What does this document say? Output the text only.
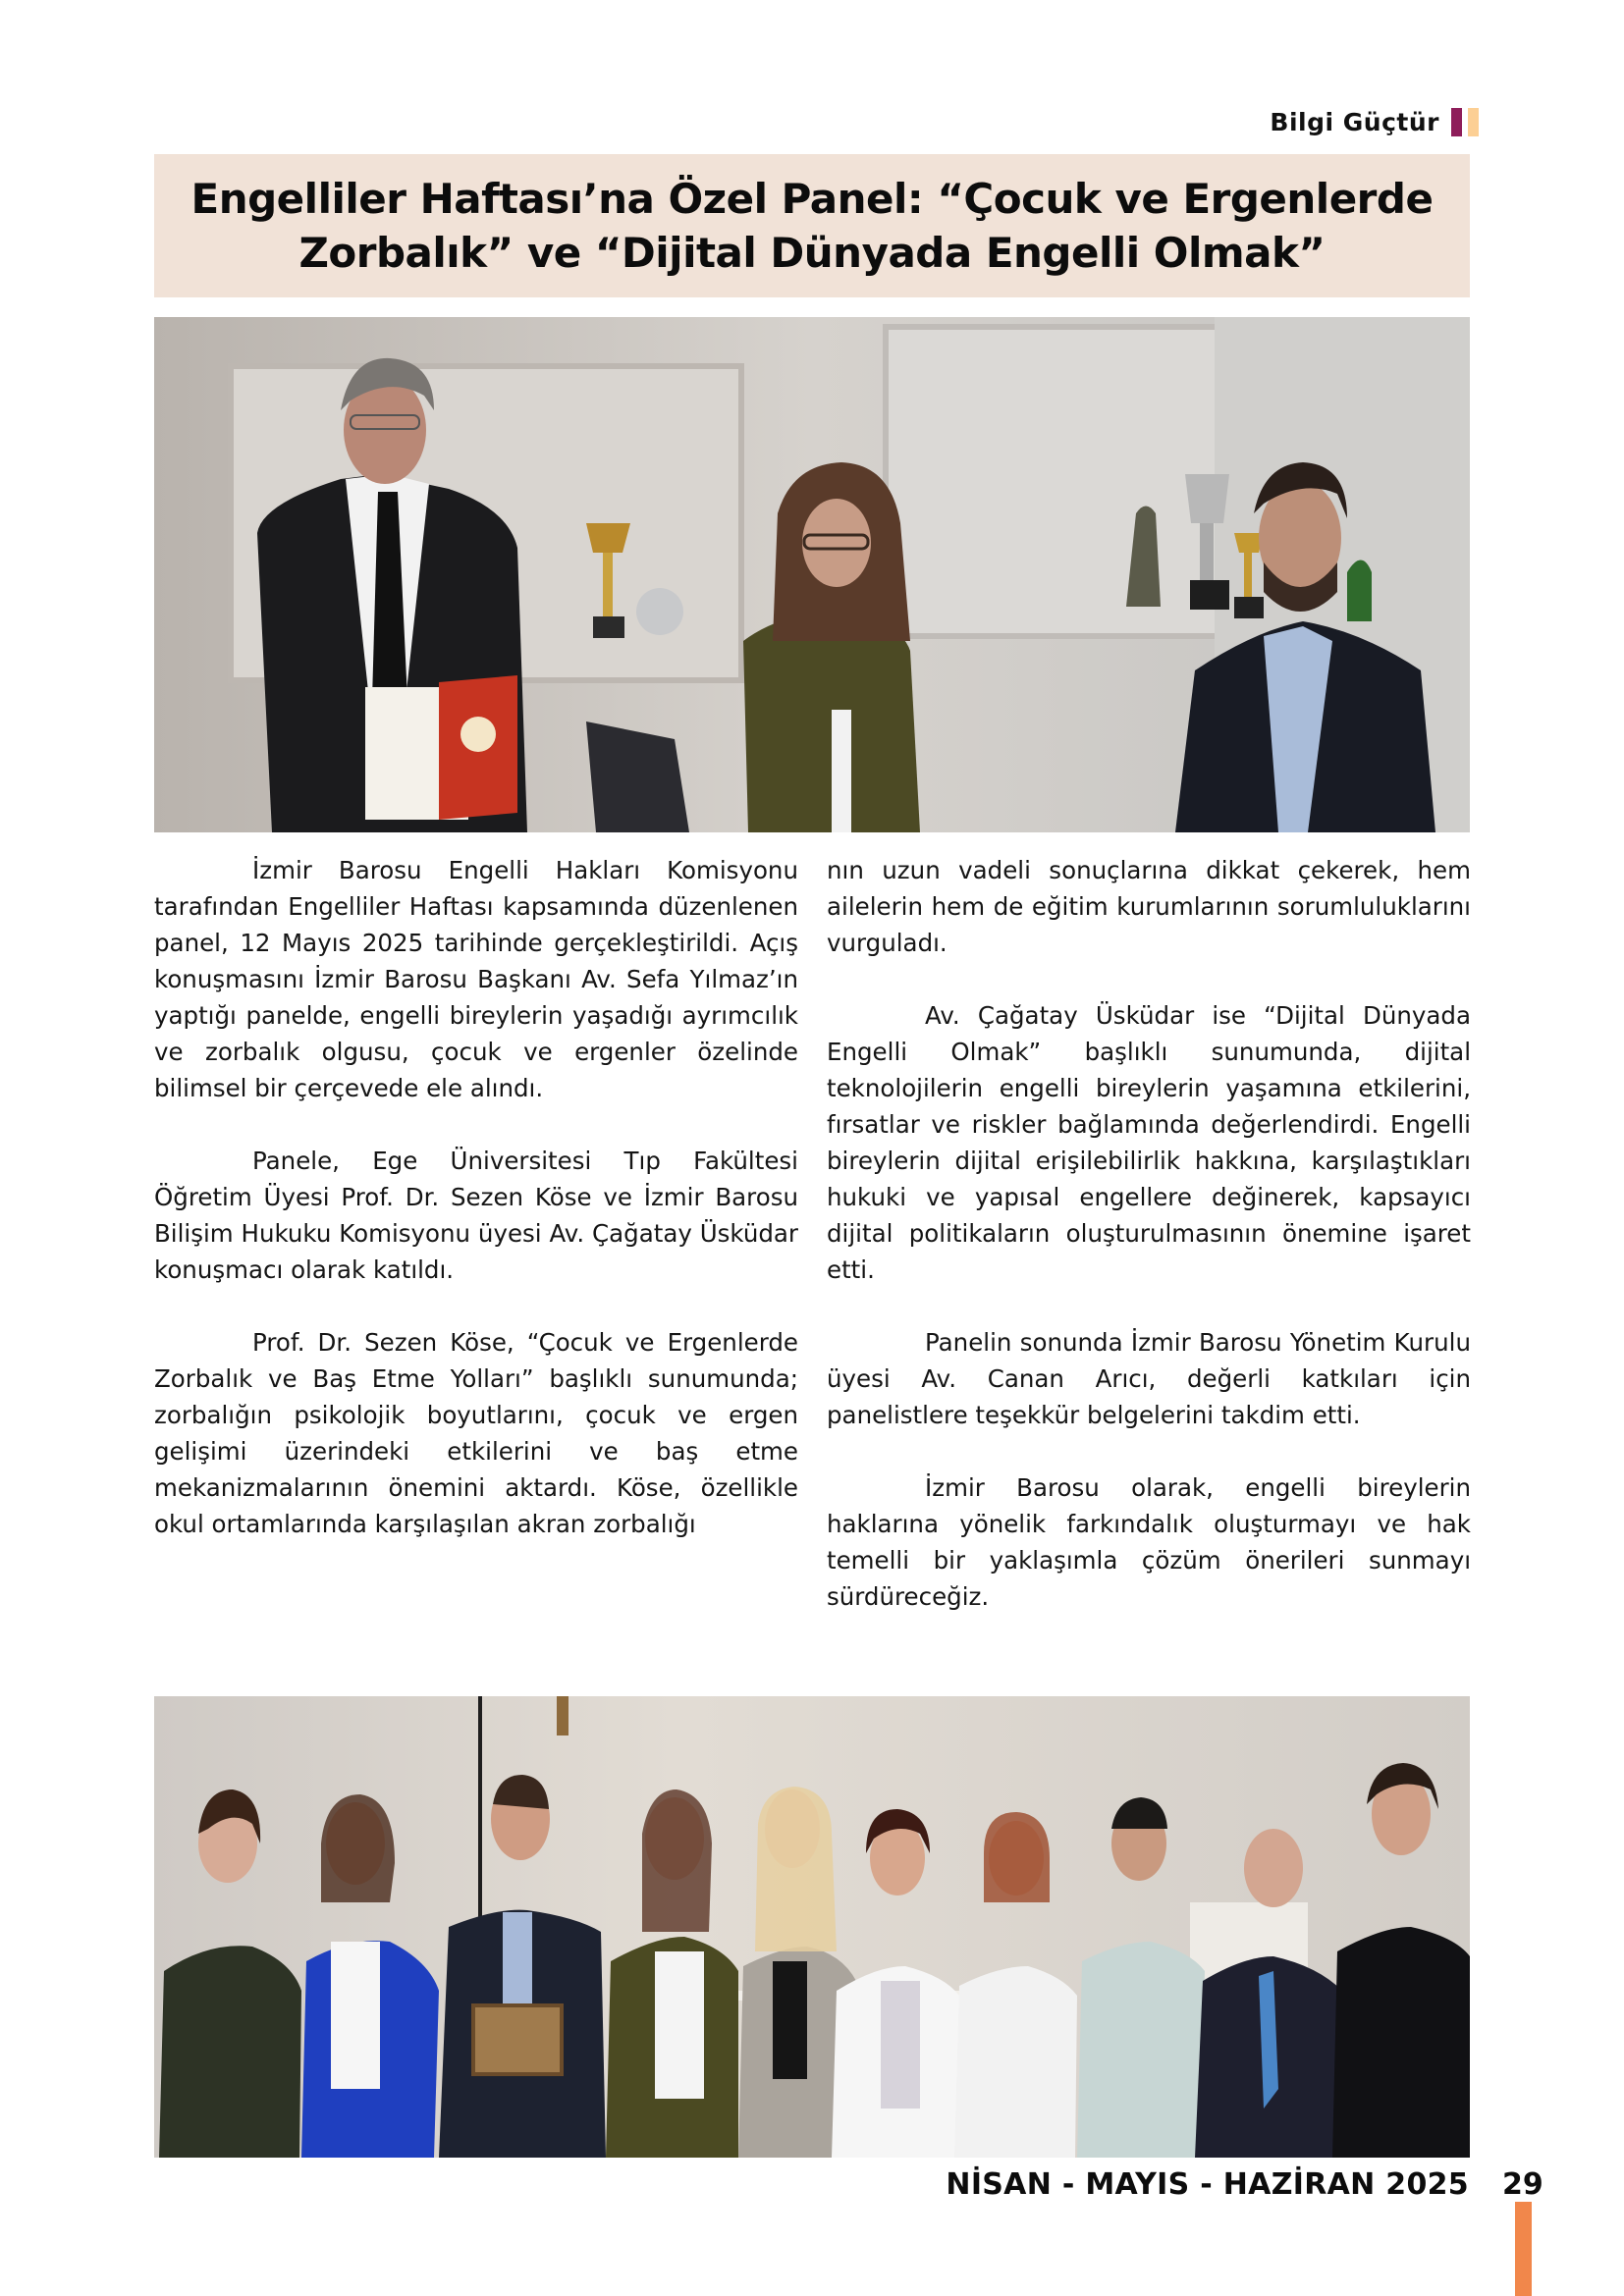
Bilgi Güçtür
Engelliler Haftası’na Özel Panel: “Çocuk ve Ergenlerde
Zorbalık” ve “Dijital Dünyada Engelli Olmak”

İzmir Barosu Engelli Hakları Komisyonu tarafından Engelliler Haftası kapsamında düzenlenen panel, 12 Mayıs 2025 tarihinde gerçekleştirildi. Açış konuşmasını İzmir Barosu Başkanı Av. Sefa Yılmaz’ın yaptığı panelde, engelli bireylerin yaşadığı ayrımcılık ve zorbalık olgusu, çocuk ve ergenler özelinde bilimsel bir çerçevede ele alındı.

Panele, Ege Üniversitesi Tıp Fakültesi Öğretim Üyesi Prof. Dr. Sezen Köse ve İzmir Barosu Bilişim Hukuku Komisyonu üyesi Av. Çağatay Üsküdar konuşmacı olarak katıldı.

Prof. Dr. Sezen Köse, “Çocuk ve Ergenlerde Zorbalık ve Baş Etme Yolları” başlıklı sunumunda; zorbalığın psikolojik boyutlarını, çocuk ve ergen gelişimi üzerindeki etkilerini ve baş etme mekanizmalarının önemini aktardı. Köse, özellikle okul ortamlarında karşılaşılan akran zorbalığı

nın uzun vadeli sonuçlarına dikkat çekerek, hem ailelerin hem de eğitim kurumlarının sorumluluklarını vurguladı.

Av. Çağatay Üsküdar ise “Dijital Dünyada Engelli Olmak” başlıklı sunumunda, dijital teknolojilerin engelli bireylerin yaşamına etkilerini, fırsatlar ve riskler bağlamında değerlendirdi. Engelli bireylerin dijital erişilebilirlik hakkına, karşılaştıkları hukuki ve yapısal engellere değinerek, kapsayıcı dijital politikaların oluşturulmasının önemine işaret etti.

Panelin sonunda İzmir Barosu Yönetim Kurulu üyesi Av. Canan Arıcı, değerli katkıları için panelistlere teşekkür belgelerini takdim etti.

İzmir Barosu olarak, engelli bireylerin haklarına yönelik farkındalık oluşturmayı ve hak temelli bir yaklaşımla çözüm önerileri sunmayı sürdüreceğiz.

NİSAN - MAYIS - HAZİRAN 2025 29
